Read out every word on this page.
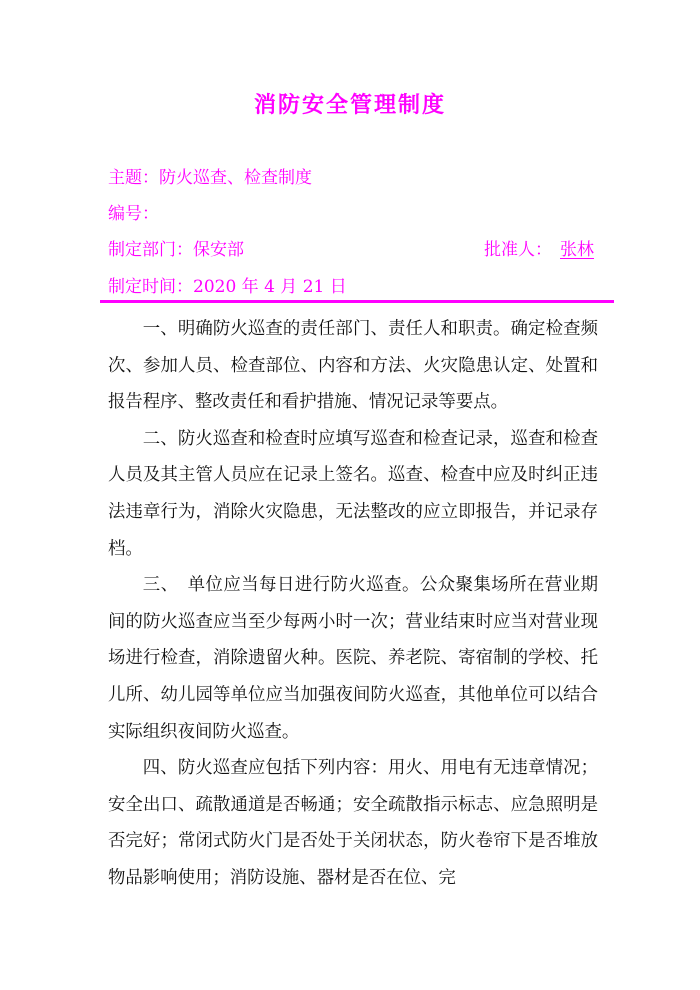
消防安全管理制度
主题：防火巡查、检查制度
编号：
制定部门：保安部	批准人： 张林
制定时间：2020 年 4 月 21 日

一、明确防火巡查的责任部门、责任人和职责。确定检查频次、参加人员、检查部位、内容和方法、火灾隐患认定、处置和报告程序、整改责任和看护措施、情况记录等要点。

二、防火巡查和检查时应填写巡查和检查记录，巡查和检查人员及其主管人员应在记录上签名。巡查、检查中应及时纠正违法违章行为，消除火灾隐患，无法整改的应立即报告，并记录存档。

三、　单位应当每日进行防火巡查。公众聚集场所在营业期间的防火巡查应当至少每两小时一次；营业结束时应当对营业现场进行检查，消除遗留火种。医院、养老院、寄宿制的学校、托儿所、幼儿园等单位应当加强夜间防火巡查，其他单位可以结合实际组织夜间防火巡查。

四、防火巡查应包括下列内容：用火、用电有无违章情况；安全出口、疏散通道是否畅通；安全疏散指示标志、应急照明是否完好；常闭式防火门是否处于关闭状态，防火卷帘下是否堆放物品影响使用；消防设施、器材是否在位、完
